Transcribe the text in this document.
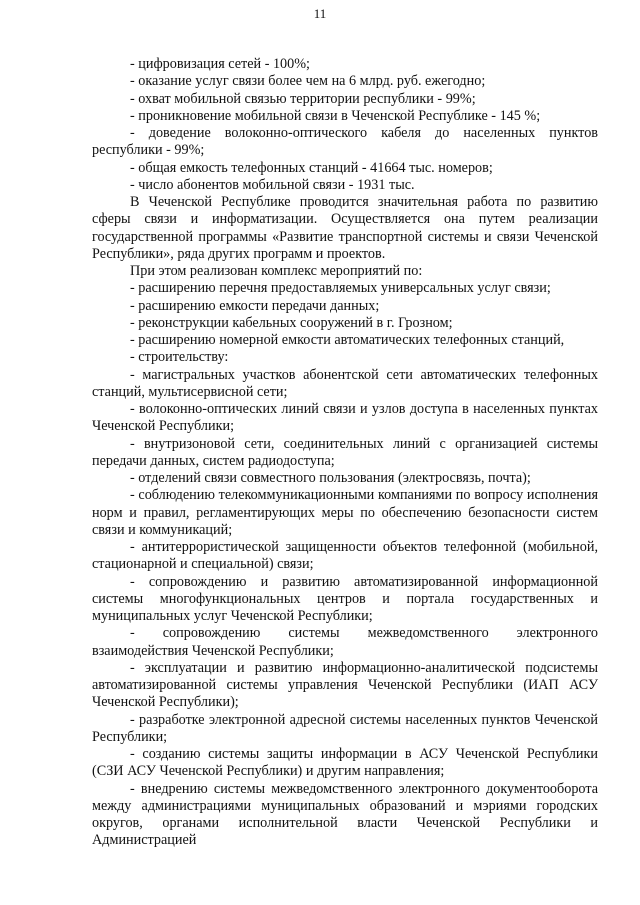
11

- цифровизация сетей - 100%;

- оказание услуг связи более чем на 6 млрд. руб. ежегодно;

- охват мобильной связью территории республики - 99%;

- проникновение мобильной связи в Чеченской Республике - 145 %;

- доведение волоконно-оптического кабеля до населенных пунктов республики - 99%;

- общая емкость телефонных станций - 41664 тыс. номеров;

- число абонентов мобильной связи - 1931 тыс.

В Чеченской Республике проводится значительная работа по развитию сферы связи и информатизации. Осуществляется она путем реализации государственной программы «Развитие транспортной системы и связи Чеченской Республики», ряда других программ и проектов.

При этом реализован комплекс мероприятий по:

- расширению перечня предоставляемых универсальных услуг связи;

- расширению емкости передачи данных;

- реконструкции кабельных сооружений в г. Грозном;

- расширению номерной емкости автоматических телефонных станций,

- строительству:

- магистральных участков абонентской сети автоматических телефонных станций, мультисервисной сети;

- волоконно-оптических линий связи и узлов доступа в населенных пунктах Чеченской Республики;

- внутризоновой сети, соединительных линий с организацией системы передачи данных, систем радиодоступа;

- отделений связи совместного пользования (электросвязь, почта);

- соблюдению телекоммуникационными компаниями по вопросу исполнения норм и правил, регламентирующих меры по обеспечению безопасности систем связи и коммуникаций;

- антитеррористической защищенности объектов телефонной (мобильной, стационарной и специальной) связи;

- сопровождению и развитию автоматизированной информационной системы многофункциональных центров и портала государственных и муниципальных услуг Чеченской Республики;

- сопровождению системы межведомственного электронного взаимодействия Чеченской Республики;

- эксплуатации и развитию информационно-аналитической подсистемы автоматизированной системы управления Чеченской Республики (ИАП АСУ Чеченской Республики);

- разработке электронной адресной системы населенных пунктов Чеченской Республики;

- созданию системы защиты информации в АСУ Чеченской Республики (СЗИ АСУ Чеченской Республики) и другим направления;

- внедрению системы межведомственного электронного документооборота между администрациями муниципальных образований и мэриями городских округов, органами исполнительной власти Чеченской Республики и Администрацией
